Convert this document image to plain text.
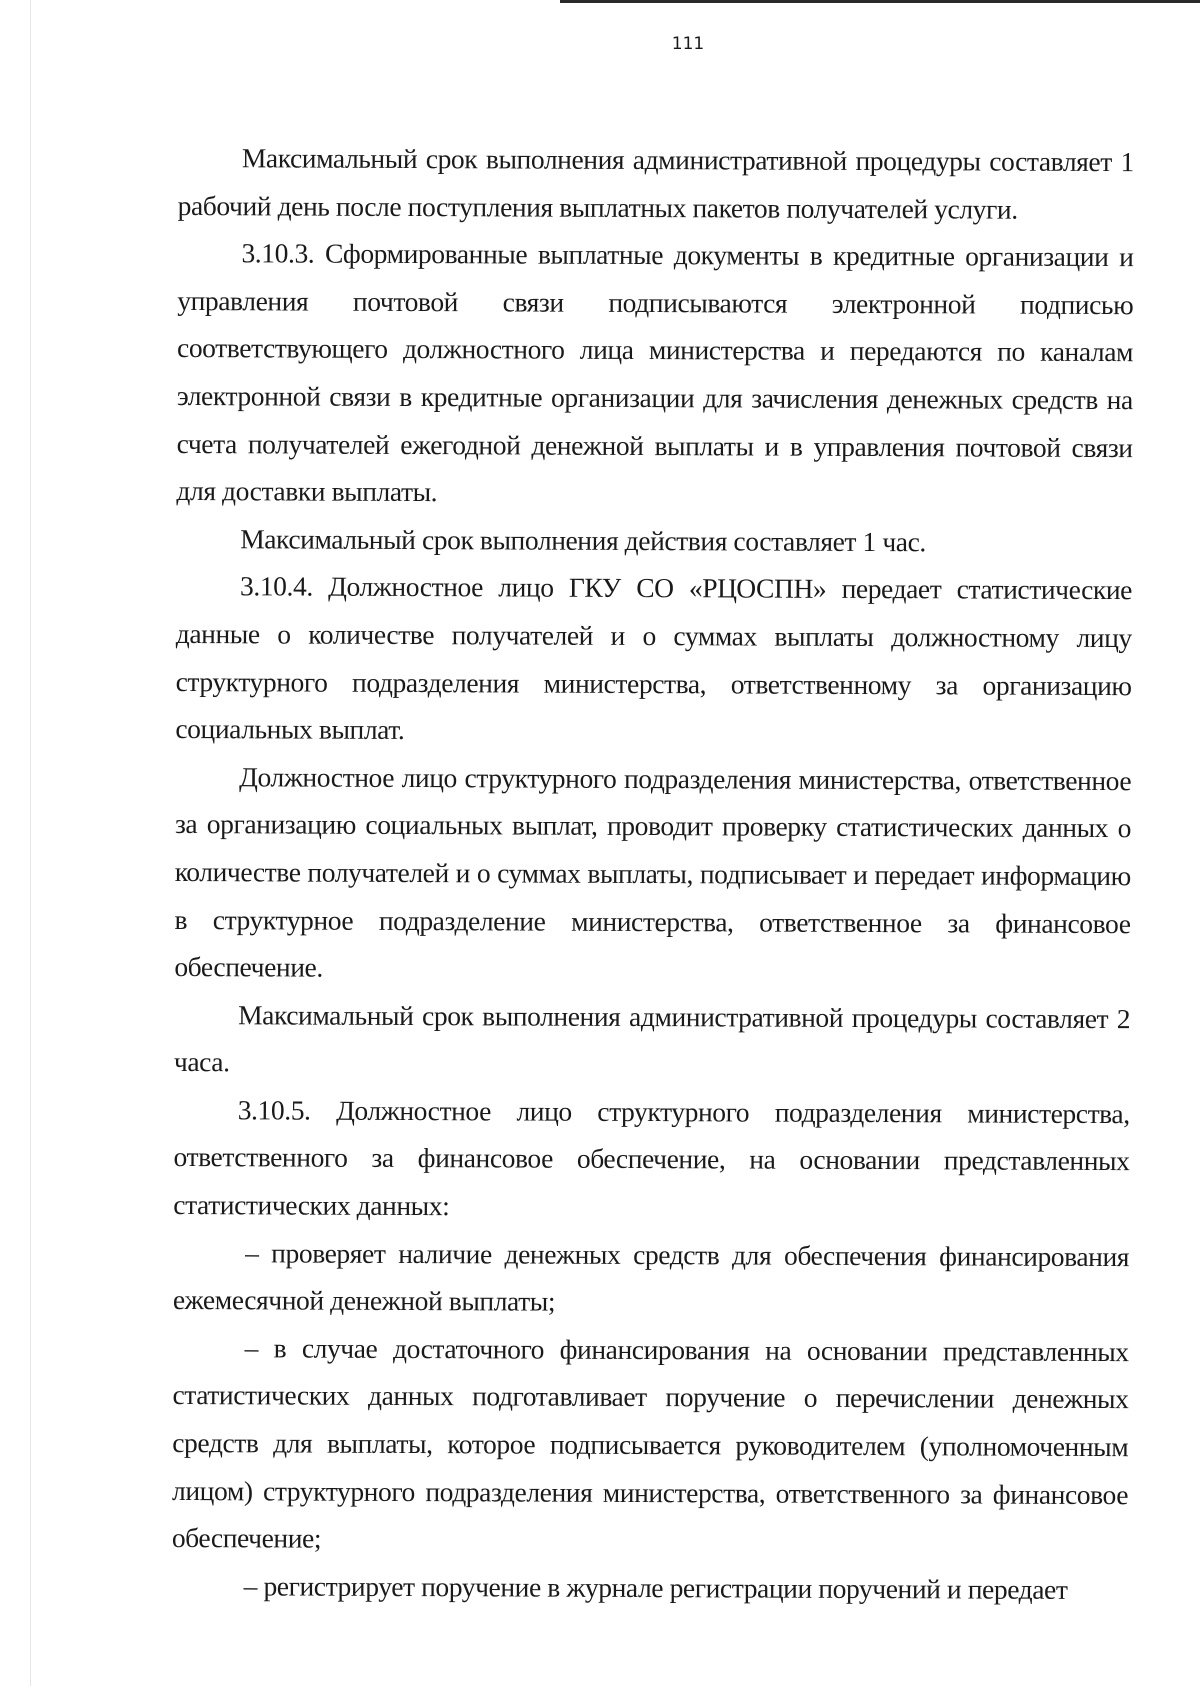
111

Максимальный срок выполнения административной процедуры составляет 1 рабочий день после поступления выплатных пакетов получателей услуги.

3.10.3. Сформированные выплатные документы в кредитные организации и управления почтовой связи подписываются электронной подписью соответствующего должностного лица министерства и передаются по каналам электронной связи в кредитные организации для зачисления денежных средств на счета получателей ежегодной денежной выплаты и в управления почтовой связи для доставки выплаты.

Максимальный срок выполнения действия составляет 1 час.

3.10.4. Должностное лицо ГКУ СО «РЦОСПН» передает статистические данные о количестве получателей и о суммах выплаты должностному лицу структурного подразделения министерства, ответственному за организацию социальных выплат.

Должностное лицо структурного подразделения министерства, ответственное за организацию социальных выплат, проводит проверку статистических данных о количестве получателей и о суммах выплаты, подписывает и передает информацию в структурное подразделение министерства, ответственное за финансовое обеспечение.

Максимальный срок выполнения административной процедуры составляет 2 часа.

3.10.5. Должностное лицо структурного подразделения министерства, ответственного за финансовое обеспечение, на основании представленных статистических данных:

– проверяет наличие денежных средств для обеспечения финансирования ежемесячной денежной выплаты;

– в случае достаточного финансирования на основании представленных статистических данных подготавливает поручение о перечислении денежных средств для выплаты, которое подписывается руководителем (уполномоченным лицом) структурного подразделения министерства, ответственного за финансовое обеспечение;

– регистрирует поручение в журнале регистрации поручений и передает
